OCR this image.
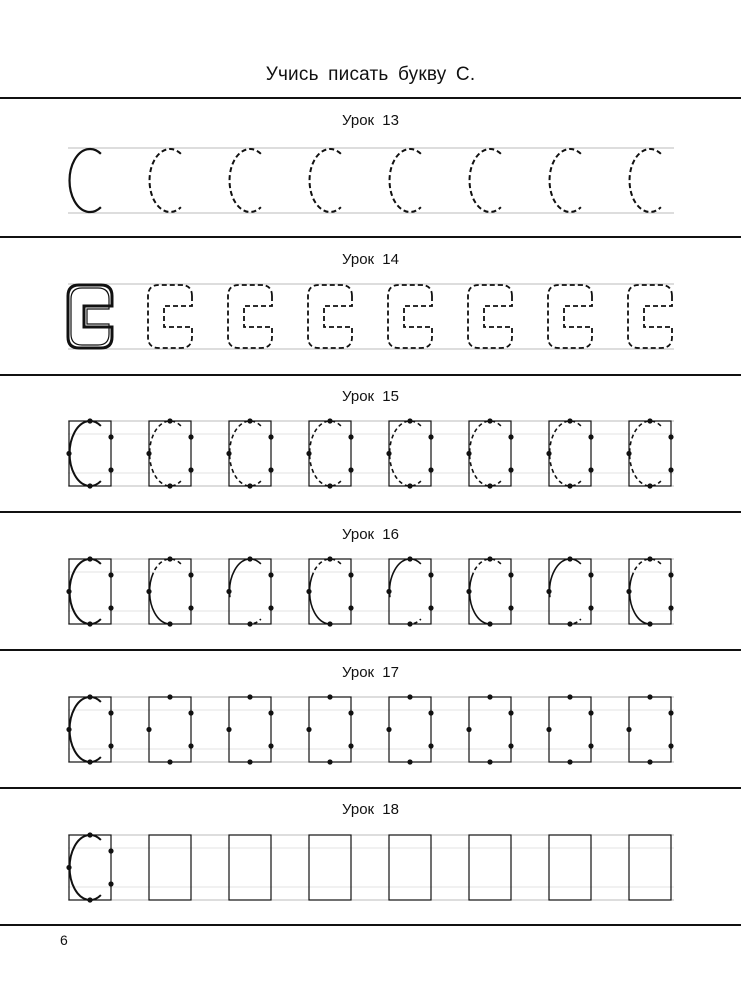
Учись писать букву С.
Урок 13
Урок 14
Урок 15
Урок 16
Урок 17
Урок 18
6
